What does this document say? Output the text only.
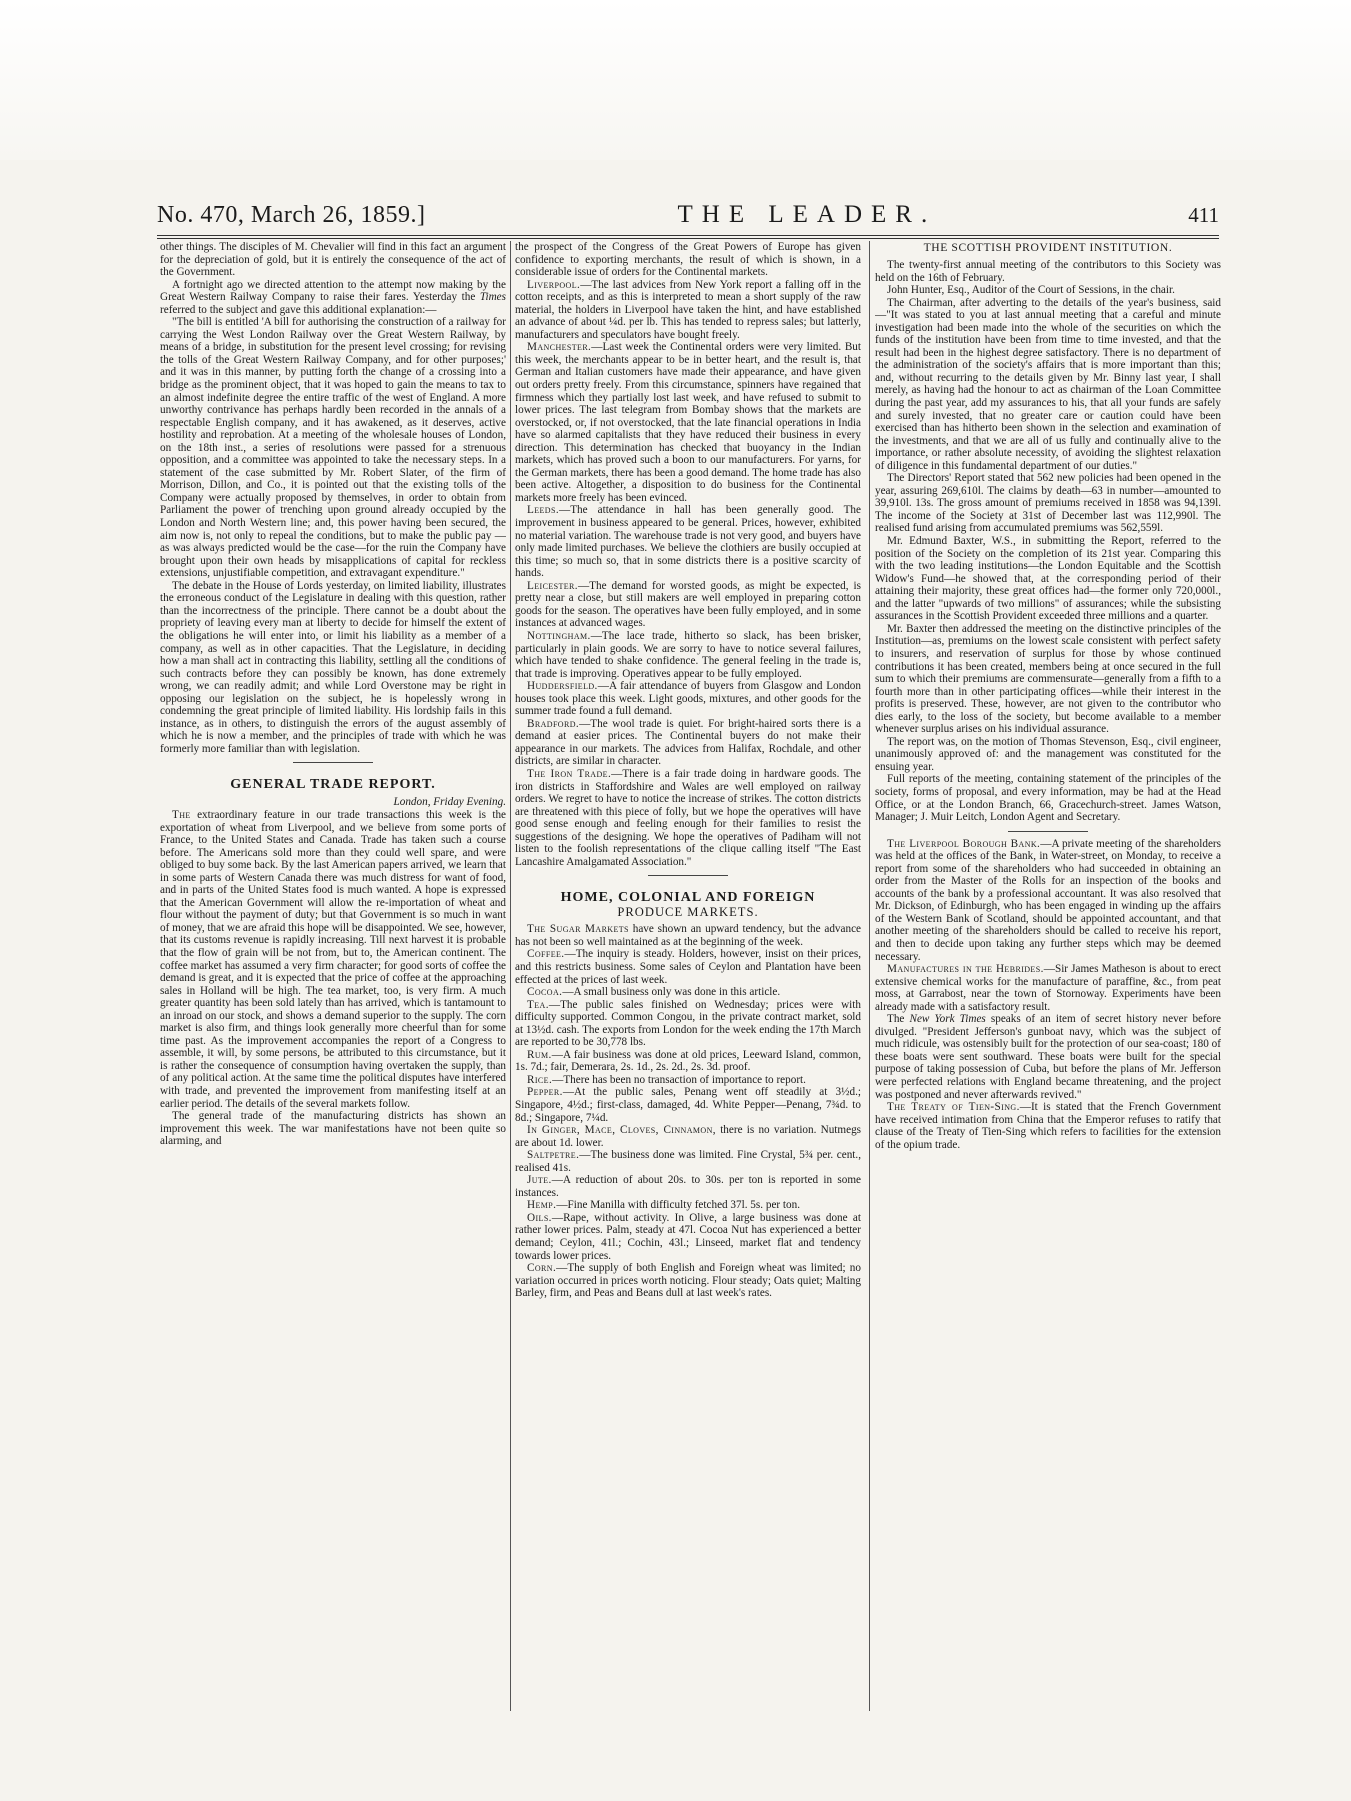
No. 470, March 26, 1859.]	THE LEADER.	411

other things. The disciples of M. Chevalier will find in this fact an argument for the depreciation of gold, but it is entirely the consequence of the act of the Government.

A fortnight ago we directed attention to the attempt now making by the Great Western Railway Company to raise their fares. Yesterday the Times referred to the subject and gave this additional explanation:—

"The bill is entitled 'A bill for authorising the construction of a railway for carrying the West London Railway over the Great Western Railway, by means of a bridge, in substitution for the present level crossing; for revising the tolls of the Great Western Railway Company, and for other purposes;' and it was in this manner, by putting forth the change of a crossing into a bridge as the prominent object, that it was hoped to gain the means to tax to an almost indefinite degree the entire traffic of the west of England. A more unworthy contrivance has perhaps hardly been recorded in the annals of a respectable English company, and it has awakened, as it deserves, active hostility and reprobation. At a meeting of the wholesale houses of London, on the 18th inst., a series of resolutions were passed for a strenuous opposition, and a committee was appointed to take the necessary steps. In a statement of the case submitted by Mr. Robert Slater, of the firm of Morrison, Dillon, and Co., it is pointed out that the existing tolls of the Company were actually proposed by themselves, in order to obtain from Parliament the power of trenching upon ground already occupied by the London and North Western line; and, this power having been secured, the aim now is, not only to repeal the conditions, but to make the public pay —as was always predicted would be the case—for the ruin the Company have brought upon their own heads by misapplications of capital for reckless extensions, unjustifiable competition, and extravagant expenditure."

The debate in the House of Lords yesterday, on limited liability, illustrates the erroneous conduct of the Legislature in dealing with this question, rather than the incorrectness of the principle. There cannot be a doubt about the propriety of leaving every man at liberty to decide for himself the extent of the obligations he will enter into, or limit his liability as a member of a company, as well as in other capacities. That the Legislature, in deciding how a man shall act in contracting this liability, settling all the conditions of such contracts before they can possibly be known, has done extremely wrong, we can readily admit; and while Lord Overstone may be right in opposing our legislation on the subject, he is hopelessly wrong in condemning the great principle of limited liability. His lordship fails in this instance, as in others, to distinguish the errors of the august assembly of which he is now a member, and the principles of trade with which he was formerly more familiar than with legislation.

GENERAL TRADE REPORT.

London, Friday Evening.

The extraordinary feature in our trade transactions this week is the exportation of wheat from Liverpool, and we believe from some ports of France, to the United States and Canada. Trade has taken such a course before. The Americans sold more than they could well spare, and were obliged to buy some back. By the last American papers arrived, we learn that in some parts of Western Canada there was much distress for want of food, and in parts of the United States food is much wanted. A hope is expressed that the American Government will allow the re-importation of wheat and flour without the payment of duty; but that Government is so much in want of money, that we are afraid this hope will be disappointed. We see, however, that its customs revenue is rapidly increasing. Till next harvest it is probable that the flow of grain will be not from, but to, the American continent. The coffee market has assumed a very firm character; for good sorts of coffee the demand is great, and it is expected that the price of coffee at the approaching sales in Holland will be high. The tea market, too, is very firm. A much greater quantity has been sold lately than has arrived, which is tantamount to an inroad on our stock, and shows a demand superior to the supply. The corn market is also firm, and things look generally more cheerful than for some time past. As the improvement accompanies the report of a Congress to assemble, it will, by some persons, be attributed to this circumstance, but it is rather the consequence of consumption having overtaken the supply, than of any political action. At the same time the political disputes have interfered with trade, and prevented the improvement from manifesting itself at an earlier period. The details of the several markets follow.

The general trade of the manufacturing districts has shown an improvement this week. The war manifestations have not been quite so alarming, and

the prospect of the Congress of the Great Powers of Europe has given confidence to exporting merchants, the result of which is shown, in a considerable issue of orders for the Continental markets.

Liverpool.—The last advices from New York report a falling off in the cotton receipts, and as this is interpreted to mean a short supply of the raw material, the holders in Liverpool have taken the hint, and have established an advance of about ¼d. per lb. This has tended to repress sales; but latterly, manufacturers and speculators have bought freely.

Manchester.—Last week the Continental orders were very limited. But this week, the merchants appear to be in better heart, and the result is, that German and Italian customers have made their appearance, and have given out orders pretty freely. From this circumstance, spinners have regained that firmness which they partially lost last week, and have refused to submit to lower prices. The last telegram from Bombay shows that the markets are overstocked, or, if not overstocked, that the late financial operations in India have so alarmed capitalists that they have reduced their business in every direction. This determination has checked that buoyancy in the Indian markets, which has proved such a boon to our manufacturers. For yarns, for the German markets, there has been a good demand. The home trade has also been active. Altogether, a disposition to do business for the Continental markets more freely has been evinced.

Leeds.—The attendance in hall has been generally good. The improvement in business appeared to be general. Prices, however, exhibited no material variation. The warehouse trade is not very good, and buyers have only made limited purchases. We believe the clothiers are busily occupied at this time; so much so, that in some districts there is a positive scarcity of hands.

Leicester.—The demand for worsted goods, as might be expected, is pretty near a close, but still makers are well employed in preparing cotton goods for the season. The operatives have been fully employed, and in some instances at advanced wages.

Nottingham.—The lace trade, hitherto so slack, has been brisker, particularly in plain goods. We are sorry to have to notice several failures, which have tended to shake confidence. The general feeling in the trade is, that trade is improving. Operatives appear to be fully employed.

Huddersfield.—A fair attendance of buyers from Glasgow and London houses took place this week. Light goods, mixtures, and other goods for the summer trade found a full demand.

Bradford.—The wool trade is quiet. For bright-haired sorts there is a demand at easier prices. The Continental buyers do not make their appearance in our markets. The advices from Halifax, Rochdale, and other districts, are similar in character.

The Iron Trade.—There is a fair trade doing in hardware goods. The iron districts in Staffordshire and Wales are well employed on railway orders. We regret to have to notice the increase of strikes. The cotton districts are threatened with this piece of folly, but we hope the operatives will have good sense enough and feeling enough for their families to resist the suggestions of the designing. We hope the operatives of Padiham will not listen to the foolish representations of the clique calling itself "The East Lancashire Amalgamated Association."

HOME, COLONIAL AND FOREIGN
PRODUCE MARKETS.

The Sugar Markets have shown an upward tendency, but the advance has not been so well maintained as at the beginning of the week.

Coffee.—The inquiry is steady. Holders, however, insist on their prices, and this restricts business. Some sales of Ceylon and Plantation have been effected at the prices of last week.

Cocoa.—A small business only was done in this article.

Tea.—The public sales finished on Wednesday; prices were with difficulty supported. Common Congou, in the private contract market, sold at 13½d. cash. The exports from London for the week ending the 17th March are reported to be 30,778 lbs.

Rum.—A fair business was done at old prices, Leeward Island, common, 1s. 7d.; fair, Demerara, 2s. 1d., 2s. 2d., 2s. 3d. proof.

Rice.—There has been no transaction of importance to report.

Pepper.—At the public sales, Penang went off steadily at 3½d.; Singapore, 4½d.; first-class, damaged, 4d. White Pepper—Penang, 7¾d. to 8d.; Singapore, 7¼d.

In Ginger, Mace, Cloves, Cinnamon, there is no variation. Nutmegs are about 1d. lower.

Saltpetre.—The business done was limited. Fine Crystal, 5¾ per. cent., realised 41s.

Jute.—A reduction of about 20s. to 30s. per ton is reported in some instances.

Hemp.—Fine Manilla with difficulty fetched 37l. 5s. per ton.

Oils.—Rape, without activity. In Olive, a large business was done at rather lower prices. Palm, steady at 47l. Cocoa Nut has experienced a better demand; Ceylon, 41l.; Cochin, 43l.; Linseed, market flat and tendency towards lower prices.

Corn.—The supply of both English and Foreign wheat was limited; no variation occurred in prices worth noticing. Flour steady; Oats quiet; Malting Barley, firm, and Peas and Beans dull at last week's rates.

THE SCOTTISH PROVIDENT INSTITUTION.

The twenty-first annual meeting of the contributors to this Society was held on the 16th of February.

John Hunter, Esq., Auditor of the Court of Sessions, in the chair.

The Chairman, after adverting to the details of the year's business, said—"It was stated to you at last annual meeting that a careful and minute investigation had been made into the whole of the securities on which the funds of the institution have been from time to time invested, and that the result had been in the highest degree satisfactory. There is no department of the administration of the society's affairs that is more important than this; and, without recurring to the details given by Mr. Binny last year, I shall merely, as having had the honour to act as chairman of the Loan Committee during the past year, add my assurances to his, that all your funds are safely and surely invested, that no greater care or caution could have been exercised than has hitherto been shown in the selection and examination of the investments, and that we are all of us fully and continually alive to the importance, or rather absolute necessity, of avoiding the slightest relaxation of diligence in this fundamental department of our duties."

The Directors' Report stated that 562 new policies had been opened in the year, assuring 269,610l. The claims by death—63 in number—amounted to 39,910l. 13s. The gross amount of premiums received in 1858 was 94,139l. The income of the Society at 31st of December last was 112,990l. The realised fund arising from accumulated premiums was 562,559l.

Mr. Edmund Baxter, W.S., in submitting the Report, referred to the position of the Society on the completion of its 21st year. Comparing this with the two leading institutions—the London Equitable and the Scottish Widow's Fund—he showed that, at the corresponding period of their attaining their majority, these great offices had—the former only 720,000l., and the latter "upwards of two millions" of assurances; while the subsisting assurances in the Scottish Provident exceeded three millions and a quarter.

Mr. Baxter then addressed the meeting on the distinctive principles of the Institution—as, premiums on the lowest scale consistent with perfect safety to insurers, and reservation of surplus for those by whose continued contributions it has been created, members being at once secured in the full sum to which their premiums are commensurate—generally from a fifth to a fourth more than in other participating offices—while their interest in the profits is preserved. These, however, are not given to the contributor who dies early, to the loss of the society, but become available to a member whenever surplus arises on his individual assurance.

The report was, on the motion of Thomas Stevenson, Esq., civil engineer, unanimously approved of: and the management was constituted for the ensuing year.

Full reports of the meeting, containing statement of the principles of the society, forms of proposal, and every information, may be had at the Head Office, or at the London Branch, 66, Gracechurch-street. James Watson, Manager; J. Muir Leitch, London Agent and Secretary.

The Liverpool Borough Bank.—A private meeting of the shareholders was held at the offices of the Bank, in Water-street, on Monday, to receive a report from some of the shareholders who had succeeded in obtaining an order from the Master of the Rolls for an inspection of the books and accounts of the bank by a professional accountant. It was also resolved that Mr. Dickson, of Edinburgh, who has been engaged in winding up the affairs of the Western Bank of Scotland, should be appointed accountant, and that another meeting of the shareholders should be called to receive his report, and then to decide upon taking any further steps which may be deemed necessary.

Manufactures in the Hebrides.—Sir James Matheson is about to erect extensive chemical works for the manufacture of paraffine, &c., from peat moss, at Garrabost, near the town of Stornoway. Experiments have been already made with a satisfactory result.

The New York Times speaks of an item of secret history never before divulged. "President Jefferson's gunboat navy, which was the subject of much ridicule, was ostensibly built for the protection of our sea-coast; 180 of these boats were sent southward. These boats were built for the special purpose of taking possession of Cuba, but before the plans of Mr. Jefferson were perfected relations with England became threatening, and the project was postponed and never afterwards revived."

The Treaty of Tien-Sing.—It is stated that the French Government have received intimation from China that the Emperor refuses to ratify that clause of the Treaty of Tien-Sing which refers to facilities for the extension of the opium trade.
